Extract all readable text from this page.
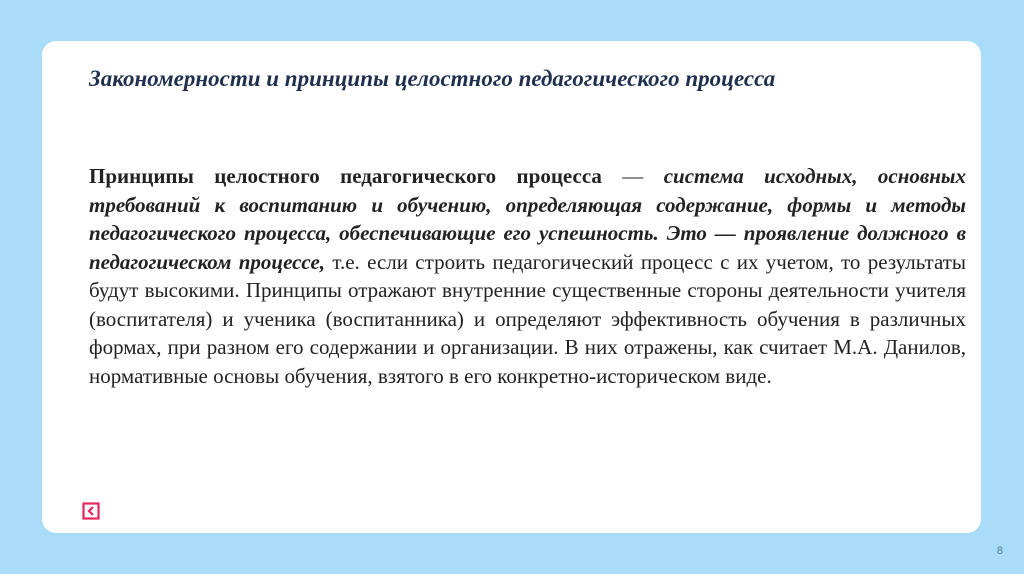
Закономерности и принципы целостного педагогического процесса

Принципы целостного педагогического процесса — система исходных, основных требований к воспитанию и обучению, определяющая содержание, формы и методы педагогического процесса, обеспечивающие его успешность. Это — проявление должного в педагогическом процессе, т.е. если строить педагогический процесс с их учетом, то результаты будут высокими. Принципы отражают внутренние существенные стороны деятельности учителя (воспитателя) и ученика (воспитанника) и определяют эффективность обучения в различных формах, при разном его содержании и организации. В них отражены, как считает М.А. Данилов, нормативные основы обучения, взятого в его конкретно-историческом виде.

8
